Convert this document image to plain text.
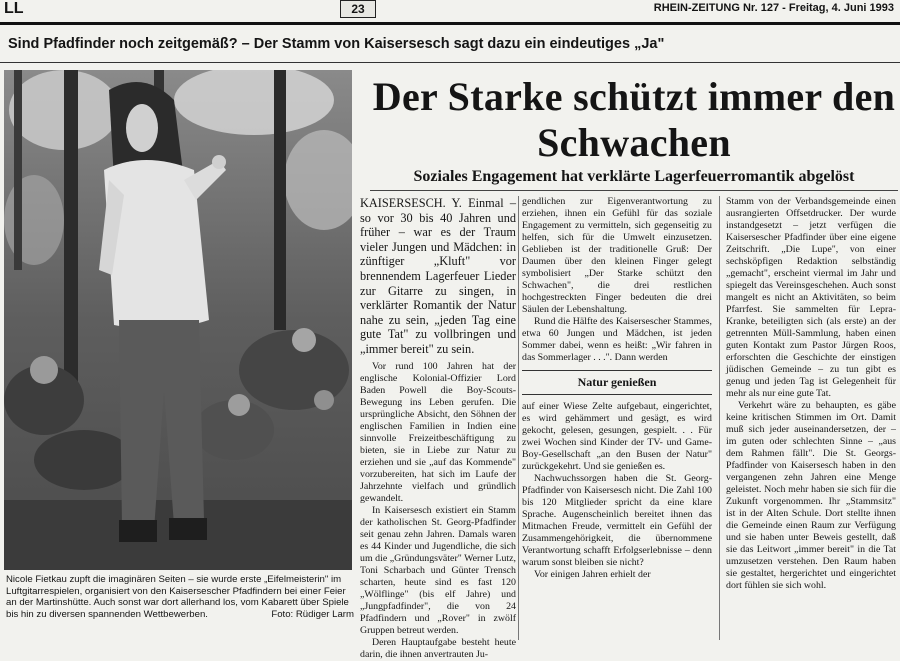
LL	23	RHEIN-ZEITUNG Nr. 127 - Freitag, 4. Juni 1993
Sind Pfadfinder noch zeitgemäß? – Der Stamm von Kaisersesch sagt dazu ein eindeutiges „Ja"
Nicole Fietkau zupft die imaginären Seiten – sie wurde erste „Eifelmeisterin" im Luftgitarrespielen, organisiert von den Kaisersescher Pfadfindern bei einer Feier an der Martinshütte. Auch sonst war dort allerhand los, vom Kabarett über Spiele bis hin zu diversen spannenden Wettbewerben.	Foto: Rüdiger Larm
Der Starke schützt immer den Schwachen
Soziales Engagement hat verklärte Lagerfeuerromantik abgelöst

KAISERSESCH. Y. Einmal – so vor 30 bis 40 Jahren und früher – war es der Traum vieler Jungen und Mädchen: in zünftiger „Kluft" vor brennendem Lagerfeuer Lieder zur Gitarre zu singen, in verklärter Romantik der Natur nahe zu sein, „jeden Tag eine gute Tat" zu vollbringen und „immer bereit" zu sein.

Vor rund 100 Jahren hat der englische Kolonial-Offizier Lord Baden Powell die Boy-Scouts-Bewegung ins Leben gerufen. Die ursprüngliche Absicht, den Söhnen der englischen Familien in Indien eine sinnvolle Freizeitbeschäftigung zu bieten, sie in Liebe zur Natur zu erziehen und sie „auf das Kommende" vorzubereiten, hat sich im Laufe der Jahrzehnte vielfach und gründlich gewandelt.

In Kaisersesch existiert ein Stamm der katholischen St. Georg-Pfadfinder seit genau zehn Jahren. Damals waren es 44 Kinder und Jugendliche, die sich um die „Gründungsväter" Werner Lutz, Toni Scharbach und Günter Trensch scharten, heute sind es fast 120 „Wölflinge" (bis elf Jahre) und „Jungpfadfinder", die von 24 Pfadfindern und „Rover" in zwölf Gruppen betreut werden.

Deren Hauptaufgabe besteht heute darin, die ihnen anvertrauten Ju-

gendlichen zur Eigenverantwortung zu erziehen, ihnen ein Gefühl für das soziale Engagement zu vermitteln, sich gegenseitig zu helfen, sich für die Umwelt einzusetzen. Geblieben ist der traditionelle Gruß: Der Daumen über den kleinen Finger gelegt symbolisiert „Der Starke schützt den Schwachen", die drei restlichen hochgestreckten Finger bedeuten die drei Säulen der Lebenshaltung.

Rund die Hälfte des Kaisersescher Stammes, etwa 60 Jungen und Mädchen, ist jeden Sommer dabei, wenn es heißt: „Wir fahren in das Sommerlager . . .". Dann werden

Natur genießen

auf einer Wiese Zelte aufgebaut, eingerichtet, es wird gehämmert und gesägt, es wird gekocht, gelesen, gesungen, gespielt. . . Für zwei Wochen sind Kinder der TV- und Game-Boy-Gesellschaft „an den Busen der Natur" zurückgekehrt. Und sie genießen es.

Nachwuchssorgen haben die St. Georg-Pfadfinder von Kaisersesch nicht. Die Zahl 100 bis 120 Mitglieder spricht da eine klare Sprache. Augenscheinlich bereitet ihnen das Mitmachen Freude, vermittelt ein Gefühl der Zusammengehörigkeit, die übernommene Verantwortung schafft Erfolgserlebnisse – denn warum sonst bleiben sie nicht?

Vor einigen Jahren erhielt der

Stamm von der Verbandsgemeinde einen ausrangierten Offsetdrucker. Der wurde instandgesetzt – jetzt verfügen die Kaisersescher Pfadfinder über eine eigene Zeitschrift. „Die Lupe", von einer sechsköpfigen Redaktion selbständig „gemacht", erscheint viermal im Jahr und spiegelt das Vereinsgeschehen. Auch sonst mangelt es nicht an Aktivitäten, so beim Pfarrfest. Sie sammelten für Lepra-Kranke, beteiligten sich (als erste) an der getrennten Müll-Sammlung, haben einen guten Kontakt zum Pastor Jürgen Roos, erforschten die Geschichte der einstigen jüdischen Gemeinde – zu tun gibt es genug und jeden Tag ist Gelegenheit für mehr als nur eine gute Tat.

Verkehrt wäre zu behaupten, es gäbe keine kritischen Stimmen im Ort. Damit muß sich jeder auseinandersetzen, der – im guten oder schlechten Sinne – „aus dem Rahmen fällt". Die St. Georgs-Pfadfinder von Kaisersesch haben in den vergangenen zehn Jahren eine Menge geleistet. Noch mehr haben sie sich für die Zukunft vorgenommen. Ihr „Stammsitz" ist in der Alten Schule. Dort stellte ihnen die Gemeinde einen Raum zur Verfügung und sie haben unter Beweis gestellt, daß sie das Leitwort „immer bereit" in die Tat umzusetzen verstehen. Den Raum haben sie gestaltet, hergerichtet und eingerichtet dort fühlen sie sich wohl.
